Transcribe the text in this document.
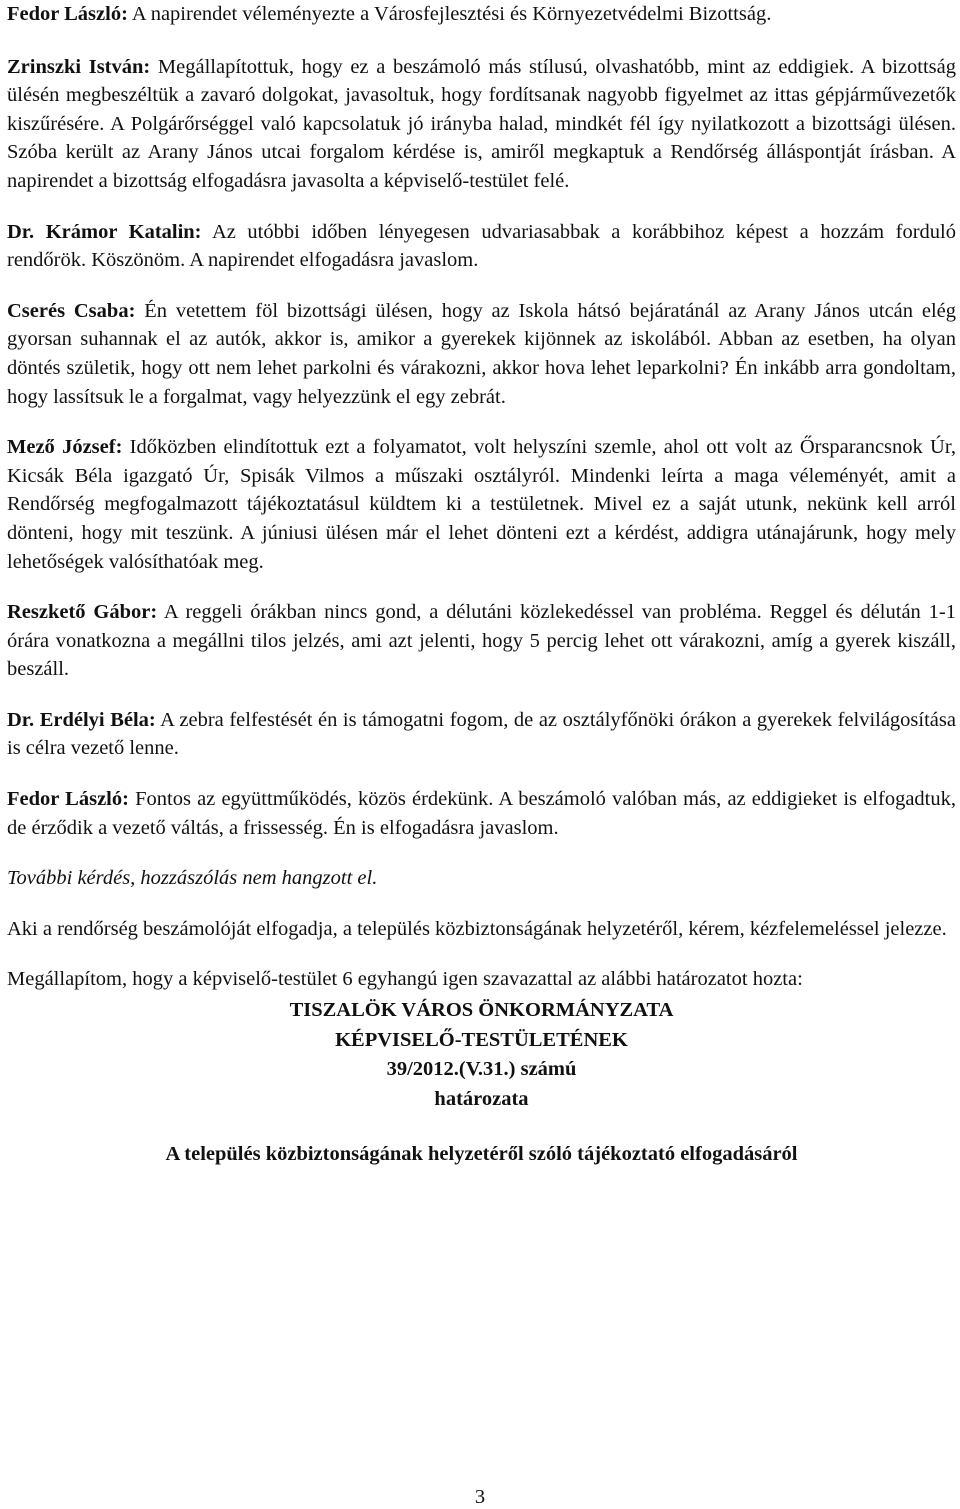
Fedor László: A napirendet véleményezte a Városfejlesztési és Környezetvédelmi Bizottság.

Zrinszki István: Megállapítottuk, hogy ez a beszámoló más stílusú, olvashatóbb, mint az eddigiek. A bizottság ülésén megbeszéltük a zavaró dolgokat, javasoltuk, hogy fordítsanak nagyobb figyelmet az ittas gépjárművezetők kiszűrésére. A Polgárőrséggel való kapcsolatuk jó irányba halad, mindkét fél így nyilatkozott a bizottsági ülésen. Szóba került az Arany János utcai forgalom kérdése is, amiről megkaptuk a Rendőrség álláspontját írásban. A napirendet a bizottság elfogadásra javasolta a képviselő-testület felé.

Dr. Krámor Katalin: Az utóbbi időben lényegesen udvariasabbak a korábbihoz képest a hozzám forduló rendőrök. Köszönöm. A napirendet elfogadásra javaslom.

Cserés Csaba: Én vetettem föl bizottsági ülésen, hogy az Iskola hátsó bejáratánál az Arany János utcán elég gyorsan suhannak el az autók, akkor is, amikor a gyerekek kijönnek az iskolából. Abban az esetben, ha olyan döntés születik, hogy ott nem lehet parkolni és várakozni, akkor hova lehet leparkolni? Én inkább arra gondoltam, hogy lassítsuk le a forgalmat, vagy helyezzünk el egy zebrát.

Mező József: Időközben elindítottuk ezt a folyamatot, volt helyszíni szemle, ahol ott volt az Őrsparancsnok Úr, Kicsák Béla igazgató Úr, Spisák Vilmos a műszaki osztályról. Mindenki leírta a maga véleményét, amit a Rendőrség megfogalmazott tájékoztatásul küldtem ki a testületnek. Mivel ez a saját utunk, nekünk kell arról dönteni, hogy mit teszünk. A júniusi ülésen már el lehet dönteni ezt a kérdést, addigra utánajárunk, hogy mely lehetőségek valósíthatóak meg.

Reszkető Gábor: A reggeli órákban nincs gond, a délutáni közlekedéssel van probléma. Reggel és délután 1-1 órára vonatkozna a megállni tilos jelzés, ami azt jelenti, hogy 5 percig lehet ott várakozni, amíg a gyerek kiszáll, beszáll.

Dr. Erdélyi Béla: A zebra felfestését én is támogatni fogom, de az osztályfőnöki órákon a gyerekek felvilágosítása is célra vezető lenne.

Fedor László: Fontos az együttműködés, közös érdekünk. A beszámoló valóban más, az eddigieket is elfogadtuk, de érződik a vezető váltás, a frissesség. Én is elfogadásra javaslom.

További kérdés, hozzászólás nem hangzott el.

Aki a rendőrség beszámolóját elfogadja, a település közbiztonságának helyzetéről, kérem, kézfelemeléssel jelezze.

Megállapítom, hogy a képviselő-testület 6 egyhangú igen szavazattal az alábbi határozatot hozta:

TISZALÖK VÁROS ÖNKORMÁNYZATA

KÉPVISELŐ-TESTÜLETÉNEK

39/2012.(V.31.) számú

határozata

A település közbiztonságának helyzetéről szóló tájékoztató elfogadásáról

3
